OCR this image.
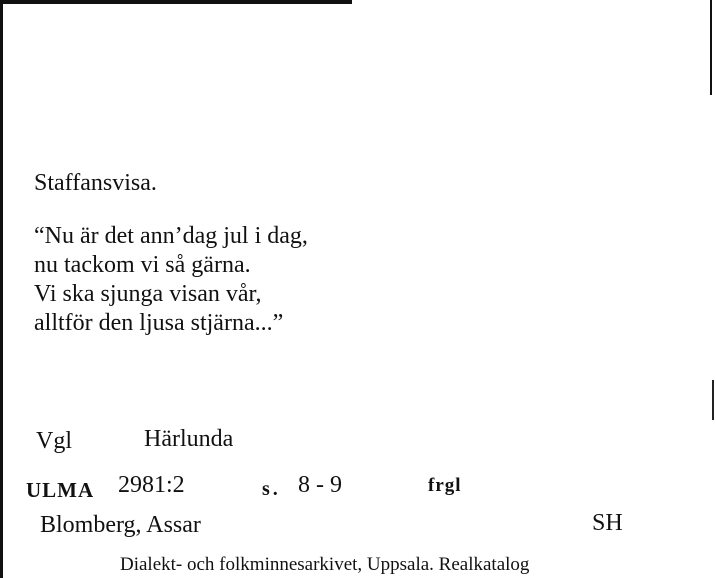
Staffansvisa.
“Nu är det ann’dag jul i dag,
nu tackom vi så gärna.
Vi ska sjunga visan vår,
alltför den ljusa stjärna...”
Vgl	Härlunda
ULMA 2981:2	s. 8 - 9	frgl
Blomberg, Assar	SH
Dialekt- och folkminnesarkivet, Uppsala. Realkatalog
